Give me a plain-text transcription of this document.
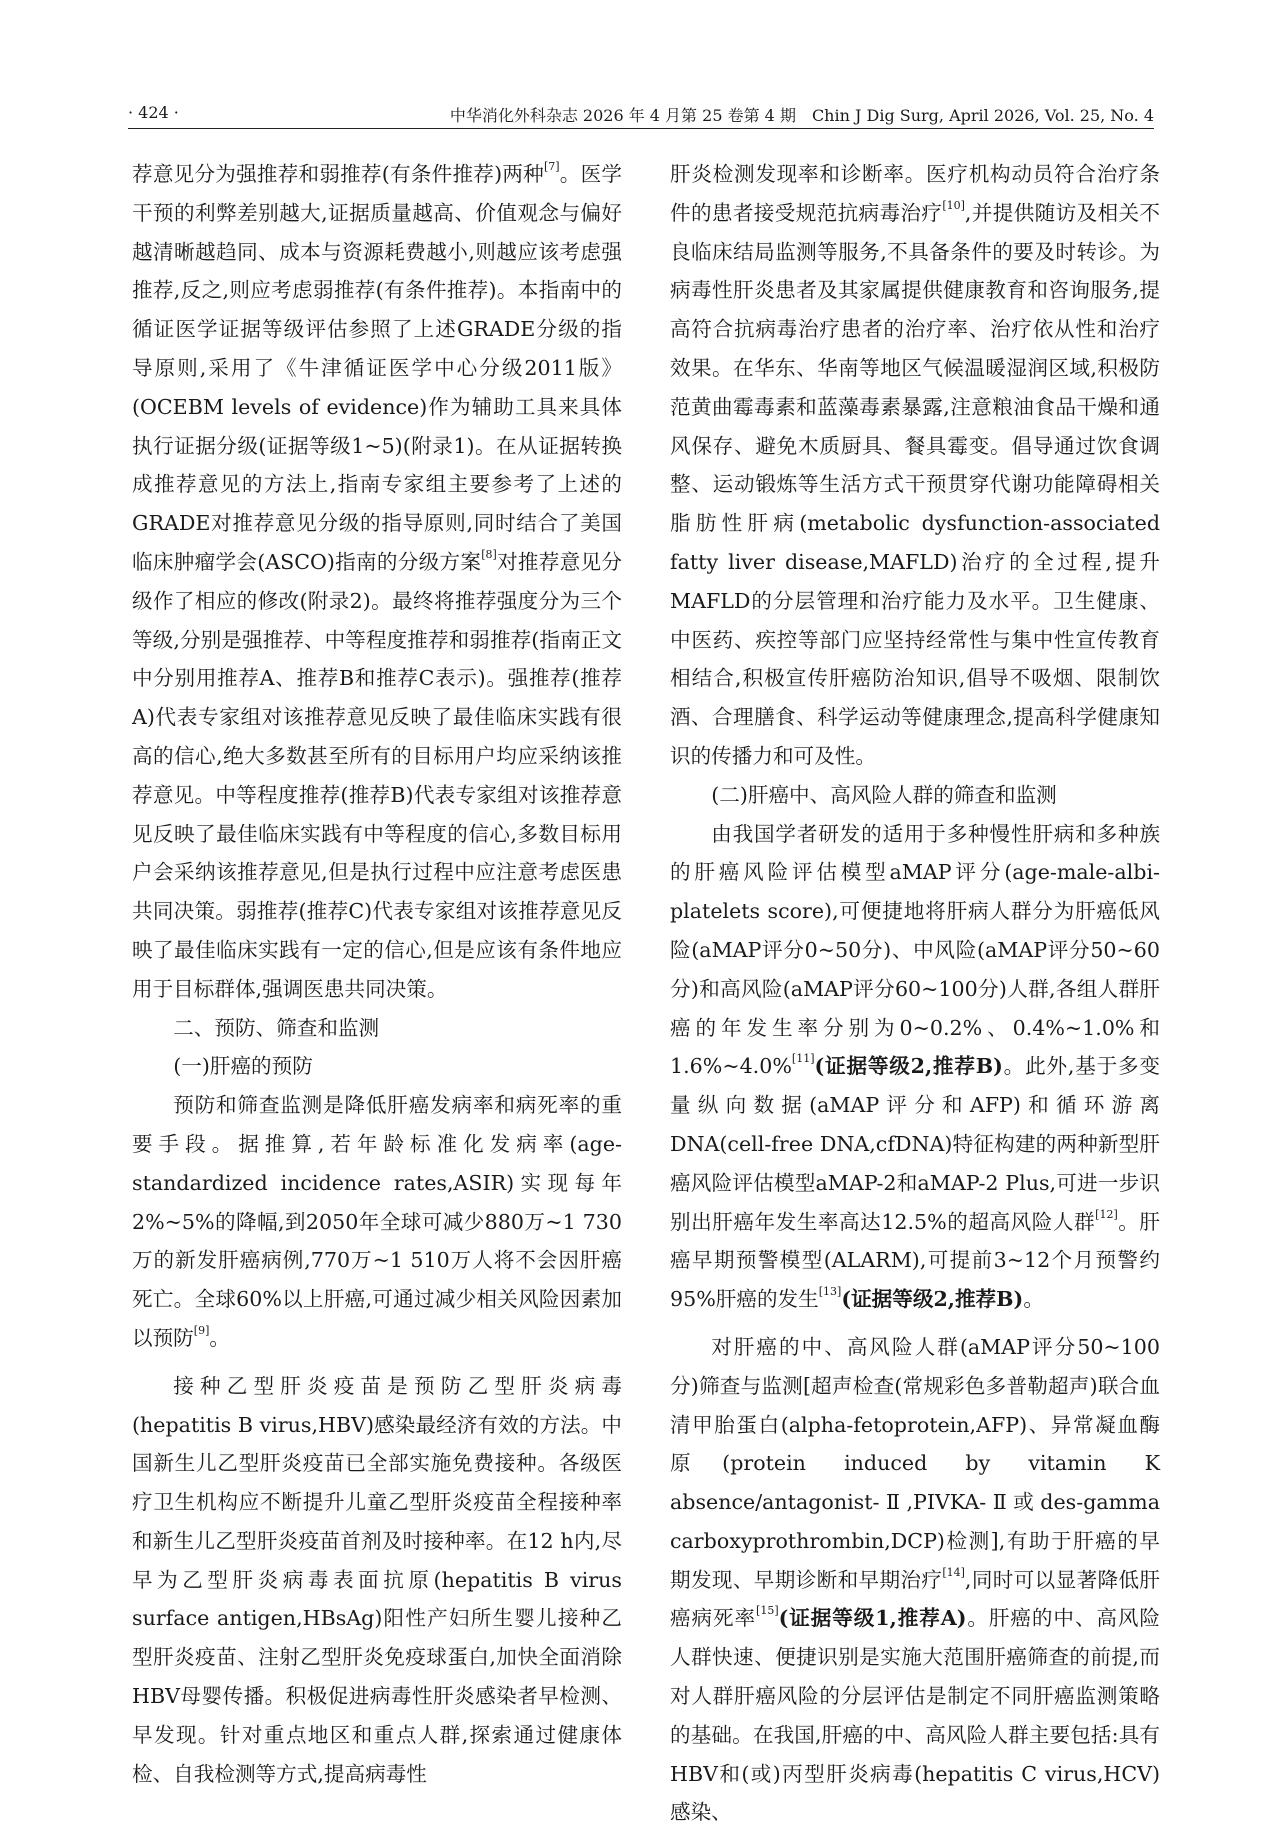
· 424 ·	中华消化外科杂志 2026 年 4 月第 25 卷第 4 期　Chin J Dig Surg, April 2026, Vol. 25, No. 4

荐意见分为强推荐和弱推荐(有条件推荐)两种[7]。医学干预的利弊差别越大,证据质量越高、价值观念与偏好越清晰越趋同、成本与资源耗费越小,则越应该考虑强推荐,反之,则应考虑弱推荐(有条件推荐)。本指南中的循证医学证据等级评估参照了上述GRADE分级的指导原则,采用了《牛津循证医学中心分级2011版》(OCEBM levels of evidence)作为辅助工具来具体执行证据分级(证据等级1~5)(附录1)。在从证据转换成推荐意见的方法上,指南专家组主要参考了上述的GRADE对推荐意见分级的指导原则,同时结合了美国临床肿瘤学会(ASCO)指南的分级方案[8]对推荐意见分级作了相应的修改(附录2)。最终将推荐强度分为三个等级,分别是强推荐、中等程度推荐和弱推荐(指南正文中分别用推荐A、推荐B和推荐C表示)。强推荐(推荐A)代表专家组对该推荐意见反映了最佳临床实践有很高的信心,绝大多数甚至所有的目标用户均应采纳该推荐意见。中等程度推荐(推荐B)代表专家组对该推荐意见反映了最佳临床实践有中等程度的信心,多数目标用户会采纳该推荐意见,但是执行过程中应注意考虑医患共同决策。弱推荐(推荐C)代表专家组对该推荐意见反映了最佳临床实践有一定的信心,但是应该有条件地应用于目标群体,强调医患共同决策。

二、预防、筛查和监测

(一)肝癌的预防

预防和筛查监测是降低肝癌发病率和病死率的重要手段。据推算,若年龄标准化发病率(age-standardized incidence rates,ASIR)实现每年2%~5%的降幅,到2050年全球可减少880万~1 730万的新发肝癌病例,770万~1 510万人将不会因肝癌死亡。全球60%以上肝癌,可通过减少相关风险因素加以预防[9]。

接种乙型肝炎疫苗是预防乙型肝炎病毒(hepatitis B virus,HBV)感染最经济有效的方法。中国新生儿乙型肝炎疫苗已全部实施免费接种。各级医疗卫生机构应不断提升儿童乙型肝炎疫苗全程接种率和新生儿乙型肝炎疫苗首剂及时接种率。在12 h内,尽早为乙型肝炎病毒表面抗原(hepatitis B virus surface antigen,HBsAg)阳性产妇所生婴儿接种乙型肝炎疫苗、注射乙型肝炎免疫球蛋白,加快全面消除HBV母婴传播。积极促进病毒性肝炎感染者早检测、早发现。针对重点地区和重点人群,探索通过健康体检、自我检测等方式,提高病毒性

肝炎检测发现率和诊断率。医疗机构动员符合治疗条件的患者接受规范抗病毒治疗[10],并提供随访及相关不良临床结局监测等服务,不具备条件的要及时转诊。为病毒性肝炎患者及其家属提供健康教育和咨询服务,提高符合抗病毒治疗患者的治疗率、治疗依从性和治疗效果。在华东、华南等地区气候温暖湿润区域,积极防范黄曲霉毒素和蓝藻毒素暴露,注意粮油食品干燥和通风保存、避免木质厨具、餐具霉变。倡导通过饮食调整、运动锻炼等生活方式干预贯穿代谢功能障碍相关脂肪性肝病(metabolic dysfunction-associated fatty liver disease,MAFLD)治疗的全过程,提升MAFLD的分层管理和治疗能力及水平。卫生健康、中医药、疾控等部门应坚持经常性与集中性宣传教育相结合,积极宣传肝癌防治知识,倡导不吸烟、限制饮酒、合理膳食、科学运动等健康理念,提高科学健康知识的传播力和可及性。

(二)肝癌中、高风险人群的筛查和监测

由我国学者研发的适用于多种慢性肝病和多种族的肝癌风险评估模型aMAP评分(age-male-albi-platelets score),可便捷地将肝病人群分为肝癌低风险(aMAP评分0~50分)、中风险(aMAP评分50~60分)和高风险(aMAP评分60~100分)人群,各组人群肝癌的年发生率分别为0~0.2%、0.4%~1.0%和1.6%~4.0%[11](证据等级2,推荐B)。此外,基于多变量纵向数据(aMAP评分和AFP)和循环游离DNA(cell-free DNA,cfDNA)特征构建的两种新型肝癌风险评估模型aMAP-2和aMAP-2 Plus,可进一步识别出肝癌年发生率高达12.5%的超高风险人群[12]。肝癌早期预警模型(ALARM),可提前3~12个月预警约95%肝癌的发生[13](证据等级2,推荐B)。

对肝癌的中、高风险人群(aMAP评分50~100分)筛查与监测[超声检查(常规彩色多普勒超声)联合血清甲胎蛋白(alpha-fetoprotein,AFP)、异常凝血酶原(protein induced by vitamin K absence/antagonist-Ⅱ,PIVKA-Ⅱ或des-gamma carboxyprothrombin,DCP)检测],有助于肝癌的早期发现、早期诊断和早期治疗[14],同时可以显著降低肝癌病死率[15](证据等级1,推荐A)。肝癌的中、高风险人群快速、便捷识别是实施大范围肝癌筛查的前提,而对人群肝癌风险的分层评估是制定不同肝癌监测策略的基础。在我国,肝癌的中、高风险人群主要包括:具有HBV和(或)丙型肝炎病毒(hepatitis C virus,HCV)感染、
